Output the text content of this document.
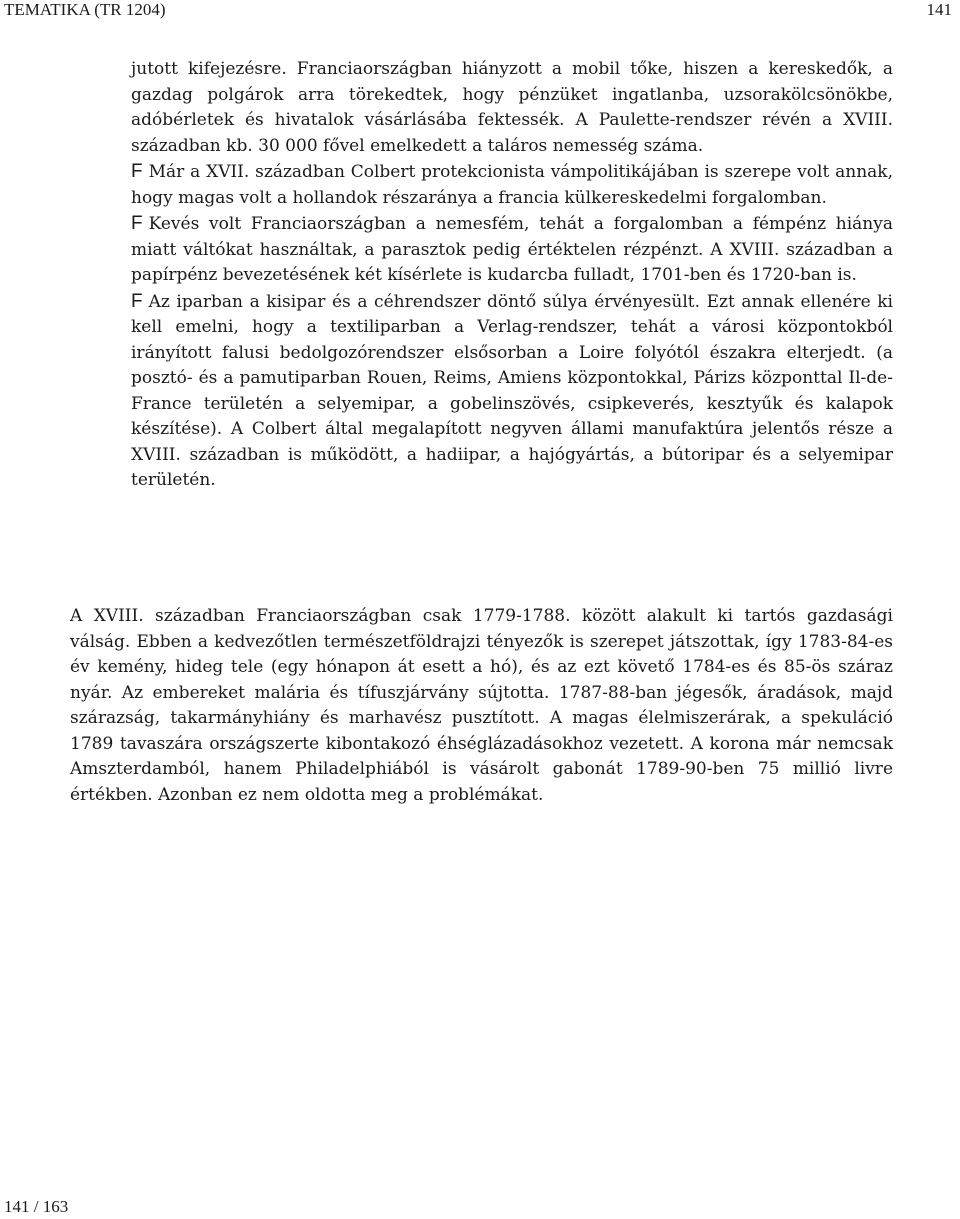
TEMATIKA (TR 1204)	141

jutott kifejezésre. Franciaországban hiányzott a mobil tőke, hiszen a kereskedők, a gazdag polgárok arra törekedtek, hogy pénzüket ingatlanba, uzsorakölcsönökbe, adóbérletek és hivatalok vásárlásába fektessék. A Paulette-rendszer révén a XVIII. században kb. 30 000 fővel emelkedett a taláros nemesség száma.

F Már a XVII. században Colbert protekcionista vámpolitikájában is szerepe volt annak, hogy magas volt a hollandok részaránya a francia külkereskedelmi forgalomban.

F Kevés volt Franciaországban a nemesfém, tehát a forgalomban a fémpénz hiánya miatt váltókat használtak, a parasztok pedig értéktelen rézpénzt. A XVIII. században a papírpénz bevezetésének két kísérlete is kudarcba fulladt, 1701-ben és 1720-ban is.

F Az iparban a kisipar és a céhrendszer döntő súlya érvényesült. Ezt annak ellenére ki kell emelni, hogy a textiliparban a Verlag-rendszer, tehát a városi központokból irányított falusi bedolgozórendszer elsősorban a Loire folyótól északra elterjedt. (a posztó- és a pamutiparban Rouen, Reims, Amiens központokkal, Párizs központtal Il-de-France területén a selyemipar, a gobelinszövés, csipkeverés, kesztyűk és kalapok készítése). A Colbert által megalapított negyven állami manufaktúra jelentős része a XVIII. században is működött, a hadiipar, a hajógyártás, a bútoripar és a selyemipar területén.

A XVIII. században Franciaországban csak 1779-1788. között alakult ki tartós gazdasági válság. Ebben a kedvezőtlen természetföldrajzi tényezők is szerepet játszottak, így 1783-84-es év kemény, hideg tele (egy hónapon át esett a hó), és az ezt követő 1784-es és 85-ös száraz nyár. Az embereket malária és tífuszjárvány sújtotta. 1787-88-ban jégesők, áradások, majd szárazság, takarmányhiány és marhavész pusztított. A magas élelmiszerárak, a spekuláció 1789 tavaszára országszerte kibontakozó éhséglázadásokhoz vezetett. A korona már nemcsak Amszterdamból, hanem Philadelphiából is vásárolt gabonát 1789-90-ben 75 millió livre értékben. Azonban ez nem oldotta meg a problémákat.

141 / 163
